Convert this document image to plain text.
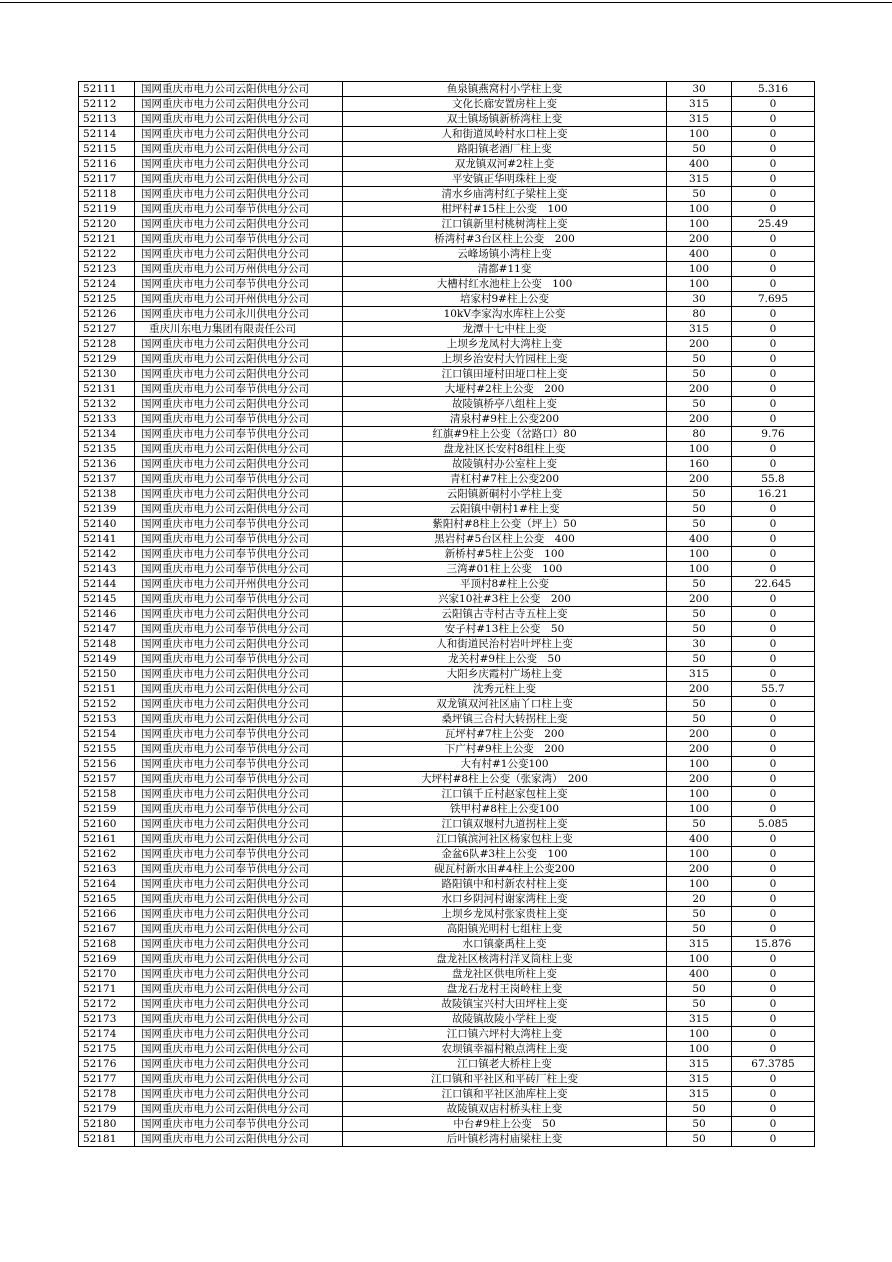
52111	国网重庆市电力公司云阳供电分公司	鱼泉镇燕窝村小学柱上变	30	5.316
52112	国网重庆市电力公司云阳供电分公司	文化长廊安置房柱上变	315	0
52113	国网重庆市电力公司云阳供电分公司	双土镇场镇新桥湾柱上变	315	0
52114	国网重庆市电力公司云阳供电分公司	人和街道凤岭村水口柱上变	100	0
52115	国网重庆市电力公司云阳供电分公司	路阳镇老酒厂柱上变	50	0
52116	国网重庆市电力公司云阳供电分公司	双龙镇双河#2柱上变	400	0
52117	国网重庆市电力公司云阳供电分公司	平安镇正华明珠柱上变	315	0
52118	国网重庆市电力公司云阳供电分公司	清水乡庙湾村红子梁柱上变	50	0
52119	国网重庆市电力公司奉节供电分公司	柑坪村#15柱上公变　100	100	0
52120	国网重庆市电力公司云阳供电分公司	江口镇新里村桃树湾柱上变	100	25.49
52121	国网重庆市电力公司奉节供电分公司	桥湾村#3台区柱上公变　200	200	0
52122	国网重庆市电力公司云阳供电分公司	云峰场镇小湾柱上变	400	0
52123	国网重庆市电力公司万州供电分公司	清都#11变	100	0
52124	国网重庆市电力公司奉节供电分公司	大槽村红水池柱上公变　100	100	0
52125	国网重庆市电力公司开州供电分公司	培家村9#柱上公变	30	7.695
52126	国网重庆市电力公司永川供电分公司	10kV李家沟水库柱上公变	80	0
52127	重庆川东电力集团有限责任公司	龙潭十七中柱上变	315	0
52128	国网重庆市电力公司云阳供电分公司	上坝乡龙凤村大湾柱上变	200	0
52129	国网重庆市电力公司云阳供电分公司	上坝乡治安村大竹园柱上变	50	0
52130	国网重庆市电力公司云阳供电分公司	江口镇田垭村田垭口柱上变	50	0
52131	国网重庆市电力公司奉节供电分公司	大垭村#2柱上公变　200	200	0
52132	国网重庆市电力公司云阳供电分公司	故陵镇桥亭八组柱上变	50	0
52133	国网重庆市电力公司奉节供电分公司	清泉村#9柱上公变200	200	0
52134	国网重庆市电力公司奉节供电分公司	红旗#9柱上公变（岔路口）80	80	9.76
52135	国网重庆市电力公司云阳供电分公司	盘龙社区长安村8组柱上变	100	0
52136	国网重庆市电力公司云阳供电分公司	故陵镇村办公室柱上变	160	0
52137	国网重庆市电力公司奉节供电分公司	青杠村#7柱上公变200	200	55.8
52138	国网重庆市电力公司云阳供电分公司	云阳镇新硐村小学柱上变	50	16.21
52139	国网重庆市电力公司云阳供电分公司	云阳镇中朝村1#柱上变	50	0
52140	国网重庆市电力公司奉节供电分公司	紫阳村#8柱上公变（坪上）50	50	0
52141	国网重庆市电力公司奉节供电分公司	黑岩村#5台区柱上公变　400	400	0
52142	国网重庆市电力公司奉节供电分公司	新桥村#5柱上公变　100	100	0
52143	国网重庆市电力公司奉节供电分公司	三湾#01柱上公变　100	100	0
52144	国网重庆市电力公司开州供电分公司	平顶村8#柱上公变	50	22.645
52145	国网重庆市电力公司奉节供电分公司	兴家10社#3柱上公变　200	200	0
52146	国网重庆市电力公司云阳供电分公司	云阳镇古寺村古寺五柱上变	50	0
52147	国网重庆市电力公司奉节供电分公司	安子村#13柱上公变　50	50	0
52148	国网重庆市电力公司云阳供电分公司	人和街道民治村岩叶坪柱上变	30	0
52149	国网重庆市电力公司奉节供电分公司	龙关村#9柱上公变　50	50	0
52150	国网重庆市电力公司云阳供电分公司	大阳乡庆霞村广场柱上变	315	0
52151	国网重庆市电力公司云阳供电分公司	沈秀元柱上变	200	55.7
52152	国网重庆市电力公司云阳供电分公司	双龙镇双河社区庙丫口柱上变	50	0
52153	国网重庆市电力公司云阳供电分公司	桑坪镇三合村大转拐柱上变	50	0
52154	国网重庆市电力公司奉节供电分公司	瓦坪村#7柱上公变　200	200	0
52155	国网重庆市电力公司奉节供电分公司	下广村#9柱上公变　200	200	0
52156	国网重庆市电力公司奉节供电分公司	大有村#1公变100	100	0
52157	国网重庆市电力公司奉节供电分公司	大坪村#8柱上公变（张家湾）　200	200	0
52158	国网重庆市电力公司云阳供电分公司	江口镇千丘村赵家包柱上变	100	0
52159	国网重庆市电力公司奉节供电分公司	铁甲村#8柱上公变100	100	0
52160	国网重庆市电力公司云阳供电分公司	江口镇双堰村九道拐柱上变	50	5.085
52161	国网重庆市电力公司云阳供电分公司	江口镇滨河社区杨家包柱上变	400	0
52162	国网重庆市电力公司奉节供电分公司	金盆6队#3柱上公变　100	100	0
52163	国网重庆市电力公司奉节供电分公司	砚瓦村新水田#4柱上公变200	200	0
52164	国网重庆市电力公司云阳供电分公司	路阳镇中和村新农村柱上变	100	0
52165	国网重庆市电力公司云阳供电分公司	水口乡阴河村谢家湾柱上变	20	0
52166	国网重庆市电力公司云阳供电分公司	上坝乡龙凤村张家贵柱上变	50	0
52167	国网重庆市电力公司云阳供电分公司	高阳镇光明村七组柱上变	50	0
52168	国网重庆市电力公司云阳供电分公司	水口镇豪禹柱上变	315	15.876
52169	国网重庆市电力公司云阳供电分公司	盘龙社区核湾村洋叉筒柱上变	100	0
52170	国网重庆市电力公司云阳供电分公司	盘龙社区供电所柱上变	400	0
52171	国网重庆市电力公司云阳供电分公司	盘龙石龙村王岗岭柱上变	50	0
52172	国网重庆市电力公司云阳供电分公司	故陵镇宝兴村大田坪柱上变	50	0
52173	国网重庆市电力公司云阳供电分公司	故陵镇故陵小学柱上变	315	0
52174	国网重庆市电力公司云阳供电分公司	江口镇六坪村大湾柱上变	100	0
52175	国网重庆市电力公司云阳供电分公司	农坝镇幸福村粮点湾柱上变	100	0
52176	国网重庆市电力公司云阳供电分公司	江口镇老大桥柱上变	315	67.3785
52177	国网重庆市电力公司云阳供电分公司	江口镇和平社区和平砖厂柱上变	315	0
52178	国网重庆市电力公司云阳供电分公司	江口镇和平社区油库柱上变	315	0
52179	国网重庆市电力公司云阳供电分公司	故陵镇双店村桥头柱上变	50	0
52180	国网重庆市电力公司奉节供电分公司	中台#9柱上公变　50	50	0
52181	国网重庆市电力公司云阳供电分公司	后叶镇杉湾村庙梁柱上变	50	0
